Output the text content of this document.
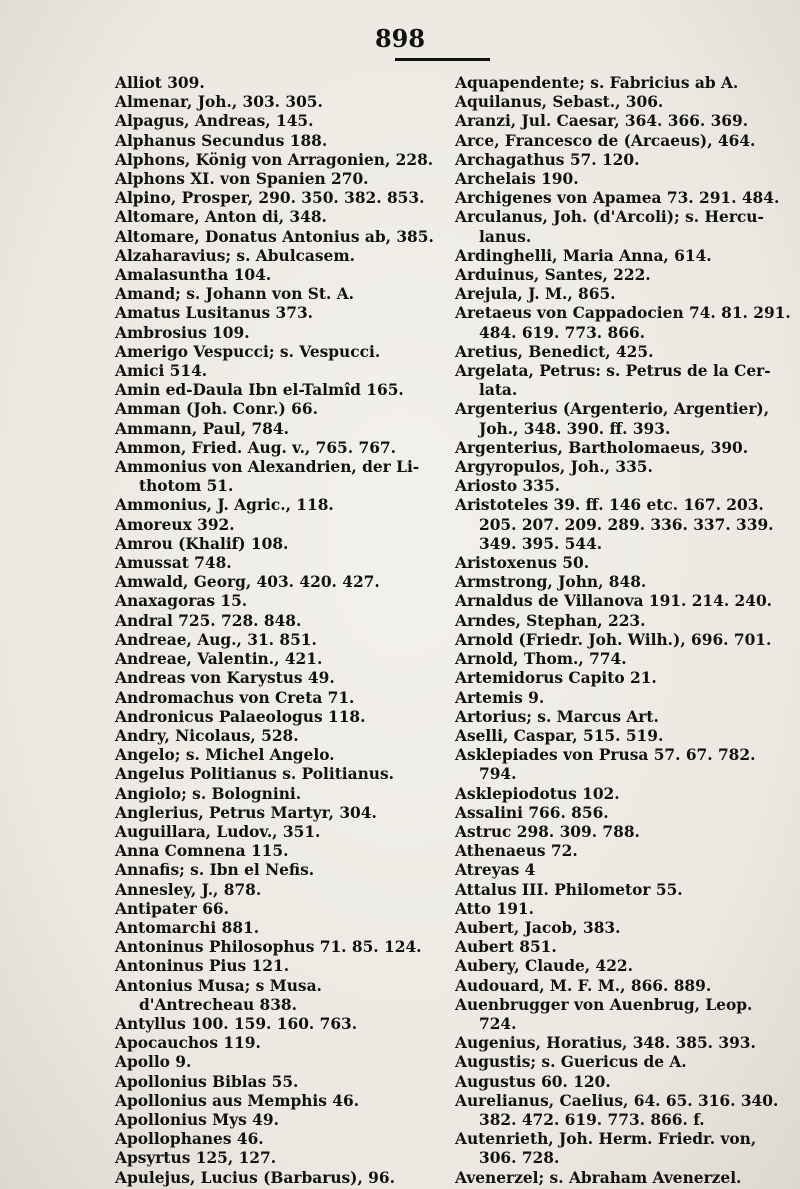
898
Alliot 309.
Almenar, Joh., 303. 305.
Alpagus, Andreas, 145.
Alphanus Secundus 188.
Alphons, König von Arragonien, 228.
Alphons XI. von Spanien 270.
Alpino, Prosper, 290. 350. 382. 853.
Altomare, Anton di, 348.
Altomare, Donatus Antonius ab, 385.
Alzaharavius; s. Abulcasem.
Amalasuntha 104.
Amand; s. Johann von St. A.
Amatus Lusitanus 373.
Ambrosius 109.
Amerigo Vespucci; s. Vespucci.
Amici 514.
Amin ed-Daula Ibn el-Talmîd 165.
Amman (Joh. Conr.) 66.
Ammann, Paul, 784.
Ammon, Fried. Aug. v., 765. 767.
Ammonius von Alexandrien, der Li-
thotom 51.
Ammonius, J. Agric., 118.
Amoreux 392.
Amrou (Khalif) 108.
Amussat 748.
Amwald, Georg, 403. 420. 427.
Anaxagoras 15.
Andral 725. 728. 848.
Andreae, Aug., 31. 851.
Andreae, Valentin., 421.
Andreas von Karystus 49.
Andromachus von Creta 71.
Andronicus Palaeologus 118.
Andry, Nicolaus, 528.
Angelo; s. Michel Angelo.
Angelus Politianus s. Politianus.
Angiolo; s. Bolognini.
Anglerius, Petrus Martyr, 304.
Auguillara, Ludov., 351.
Anna Comnena 115.
Annafis; s. Ibn el Nefis.
Annesley, J., 878.
Antipater 66.
Antomarchi 881.
Antoninus Philosophus 71. 85. 124.
Antoninus Pius 121.
Antonius Musa; s Musa.
d'Antrecheau 838.
Antyllus 100. 159. 160. 763.
Apocauchos 119.
Apollo 9.
Apollonius Biblas 55.
Apollonius aus Memphis 46.
Apollonius Mys 49.
Apollophanes 46.
Apsyrtus 125, 127.
Apulejus, Lucius (Barbarus), 96.
Aquapendente; s. Fabricius ab A.
Aquilanus, Sebast., 306.
Aranzi, Jul. Caesar, 364. 366. 369.
Arce, Francesco de (Arcaeus), 464.
Archagathus 57. 120.
Archelais 190.
Archigenes von Apamea 73. 291. 484.
Arculanus, Joh. (d'Arcoli); s. Hercu-
lanus.
Ardinghelli, Maria Anna, 614.
Arduinus, Santes, 222.
Arejula, J. M., 865.
Aretaeus von Cappadocien 74. 81. 291.
484. 619. 773. 866.
Aretius, Benedict, 425.
Argelata, Petrus: s. Petrus de la Cer-
lata.
Argenterius (Argenterio, Argentier),
Joh., 348. 390. ff. 393.
Argenterius, Bartholomaeus, 390.
Argyropulos, Joh., 335.
Ariosto 335.
Aristoteles 39. ff. 146 etc. 167. 203.
205. 207. 209. 289. 336. 337. 339.
349. 395. 544.
Aristoxenus 50.
Armstrong, John, 848.
Arnaldus de Villanova 191. 214. 240.
Arndes, Stephan, 223.
Arnold (Friedr. Joh. Wilh.), 696. 701.
Arnold, Thom., 774.
Artemidorus Capito 21.
Artemis 9.
Artorius; s. Marcus Art.
Aselli, Caspar, 515. 519.
Asklepiades von Prusa 57. 67. 782.
794.
Asklepiodotus 102.
Assalini 766. 856.
Astruc 298. 309. 788.
Athenaeus 72.
Atreyas 4
Attalus III. Philometor 55.
Atto 191.
Aubert, Jacob, 383.
Aubert 851.
Aubery, Claude, 422.
Audouard, M. F. M., 866. 889.
Auenbrugger von Auenbrug, Leop.
724.
Augenius, Horatius, 348. 385. 393.
Augustis; s. Guericus de A.
Augustus 60. 120.
Aurelianus, Caelius, 64. 65. 316. 340.
382. 472. 619. 773. 866. f.
Autenrieth, Joh. Herm. Friedr. von,
306. 728.
Avenerzel; s. Abraham Avenerzel.
